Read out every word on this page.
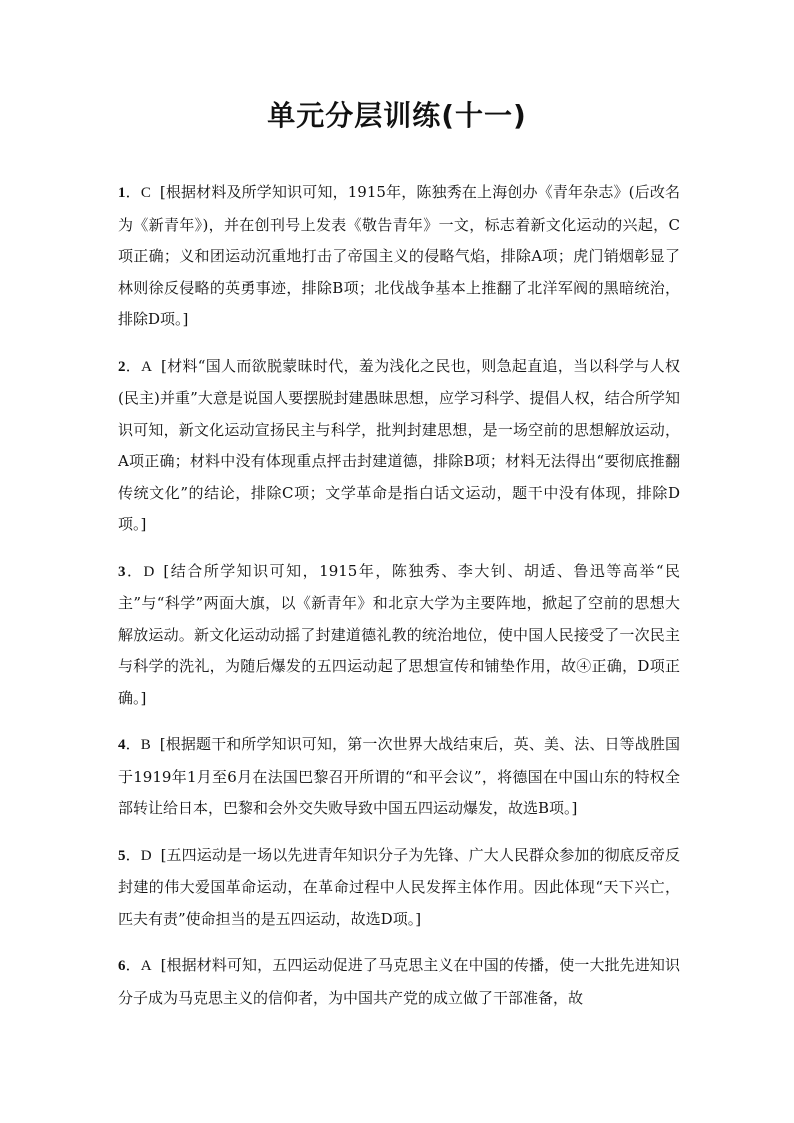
单元分层训练(十一)

1．C [根据材料及所学知识可知，1915年，陈独秀在上海创办《青年杂志》(后改名为《新青年》)，并在创刊号上发表《敬告青年》一文，标志着新文化运动的兴起，C项正确；义和团运动沉重地打击了帝国主义的侵略气焰，排除A项；虎门销烟彰显了林则徐反侵略的英勇事迹，排除B项；北伐战争基本上推翻了北洋军阀的黑暗统治，排除D项。]

2．A [材料“国人而欲脱蒙昧时代，羞为浅化之民也，则急起直追，当以科学与人权(民主)并重”大意是说国人要摆脱封建愚昧思想，应学习科学、提倡人权，结合所学知识可知，新文化运动宣扬民主与科学，批判封建思想，是一场空前的思想解放运动，A项正确；材料中没有体现重点抨击封建道德，排除B项；材料无法得出“要彻底推翻传统文化”的结论，排除C项；文学革命是指白话文运动，题干中没有体现，排除D项。]

3．D [结合所学知识可知，1915年，陈独秀、李大钊、胡适、鲁迅等高举“民主”与“科学”两面大旗，以《新青年》和北京大学为主要阵地，掀起了空前的思想大解放运动。新文化运动动摇了封建道德礼教的统治地位，使中国人民接受了一次民主与科学的洗礼，为随后爆发的五四运动起了思想宣传和铺垫作用，故④正确，D项正确。]

4．B [根据题干和所学知识可知，第一次世界大战结束后，英、美、法、日等战胜国于1919年1月至6月在法国巴黎召开所谓的“和平会议”，将德国在中国山东的特权全部转让给日本，巴黎和会外交失败导致中国五四运动爆发，故选B项。]

5．D [五四运动是一场以先进青年知识分子为先锋、广大人民群众参加的彻底反帝反封建的伟大爱国革命运动，在革命过程中人民发挥主体作用。因此体现“天下兴亡，匹夫有责”使命担当的是五四运动，故选D项。]

6．A [根据材料可知，五四运动促进了马克思主义在中国的传播，使一大批先进知识分子成为马克思主义的信仰者，为中国共产党的成立做了干部准备，故
